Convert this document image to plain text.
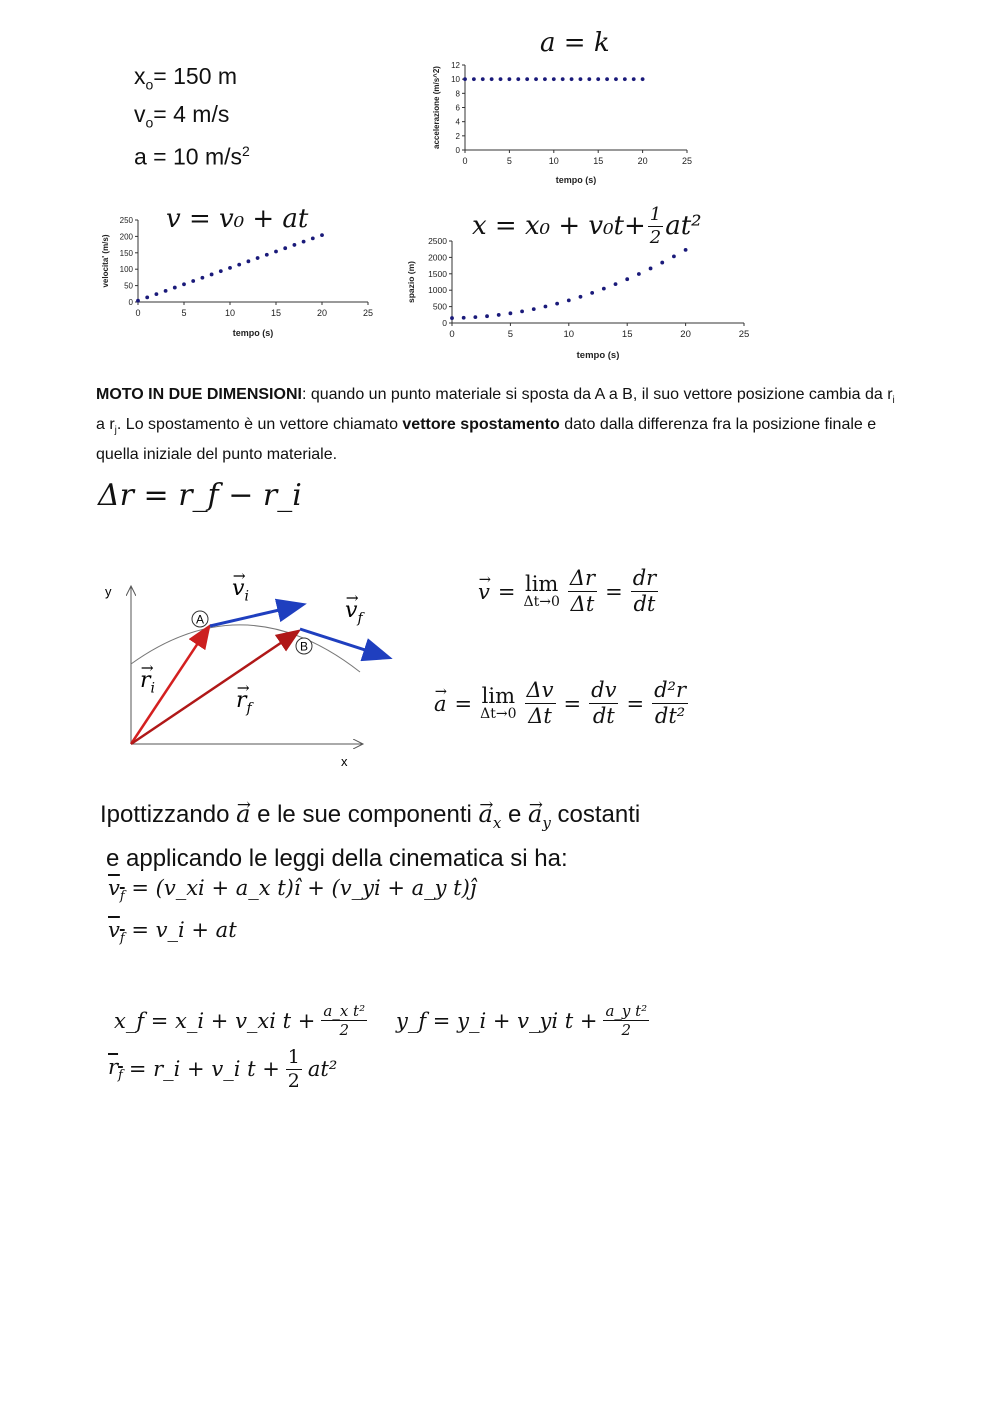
$x_o= 150$ m
$v_o= 4$ m/s
a = 10 $m/s^2$
a = k
v = v₀ + at	$x = x_0 + v_0t+ \frac{1}{2} at^2$
0	5	10	15	20	25
0
2
4
6
8
10
12
tempo (s)
accelerazione (m/s^2)
0	5	10	15	20	25
0
50
100
150
200
250
tempo (s)
velocita' (m/s)
0	5	10	15	20	25
0
500
1000
1500
2000
2500
tempo (s)
spazio (m)
MOTO IN DUE DIMENSIONI: quando un punto materiale si sposta da A a B, il suo vettore posizione cambia da $r_i$ a $r_j$. Lo spostamento è un vettore chiamato vettore spostamento dato dalla differenza fra la posizione finale e quella iniziale del punto materiale.
Δr = r_f − r_i
y
x
A
B
→ $v_i$
→ $v_f$
→ $r_i$	→ $r_f$
→ v = lim
$\Delta t\to 0 \frac{\Delta r}{\Delta t} = \frac{dr}{dt}$
→ a = lim
$\Delta t\to 0 \frac{\Delta v}{\Delta t} = \frac{dv}{dt} = \frac{\text{d²r}}{\text{dt²}}$
Ipottizzando → a e le sue componenti → $a_x$ $e \to a_y$ costanti
e applicando le leggi della cinematica si ha:
$v_f$ = (v_xi + a_x t)î + (v_yi + a_y t)ĵ
$v_f$ = v_i + at
x_f = x_i + v_xi $t + \frac{\text{a\_x t²}}{2}$ y_f = y_i + v_yi $t + \frac{\text{a\_y t²}}{2}$
$r_f$ = r_i + v_i $t + \frac{1}{2} at^2$
